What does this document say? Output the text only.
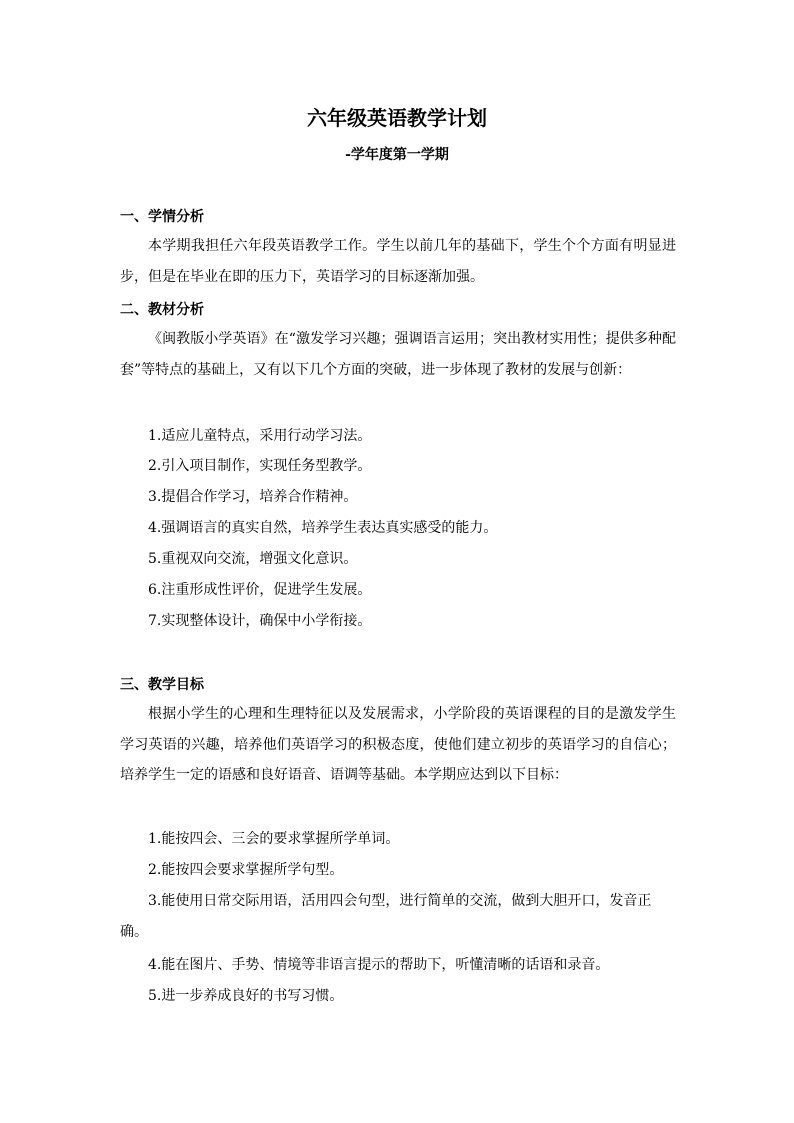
六年级英语教学计划
-学年度第一学期
一、学情分析

本学期我担任六年段英语教学工作。学生以前几年的基础下，学生个个方面有明显进步，但是在毕业在即的压力下，英语学习的目标逐渐加强。

二、教材分析

《闽教版小学英语》在“激发学习兴趣；强调语言运用；突出教材实用性；提供多种配套”等特点的基础上，又有以下几个方面的突破，进一步体现了教材的发展与创新：

1.适应儿童特点，采用行动学习法。
2.引入项目制作，实现任务型教学。
3.提倡合作学习，培养合作精神。
4.强调语言的真实自然，培养学生表达真实感受的能力。
5.重视双向交流，增强文化意识。
6.注重形成性评价，促进学生发展。
7.实现整体设计，确保中小学衔接。
三、教学目标

根据小学生的心理和生理特征以及发展需求，小学阶段的英语课程的目的是激发学生学习英语的兴趣，培养他们英语学习的积极态度，使他们建立初步的英语学习的自信心；培养学生一定的语感和良好语音、语调等基础。本学期应达到以下目标：

1.能按四会、三会的要求掌握所学单词。
2.能按四会要求掌握所学句型。

3.能使用日常交际用语，活用四会句型，进行简单的交流，做到大胆开口，发音正确。

4.能在图片、手势、情境等非语言提示的帮助下，听懂清晰的话语和录音。
5.进一步养成良好的书写习惯。
